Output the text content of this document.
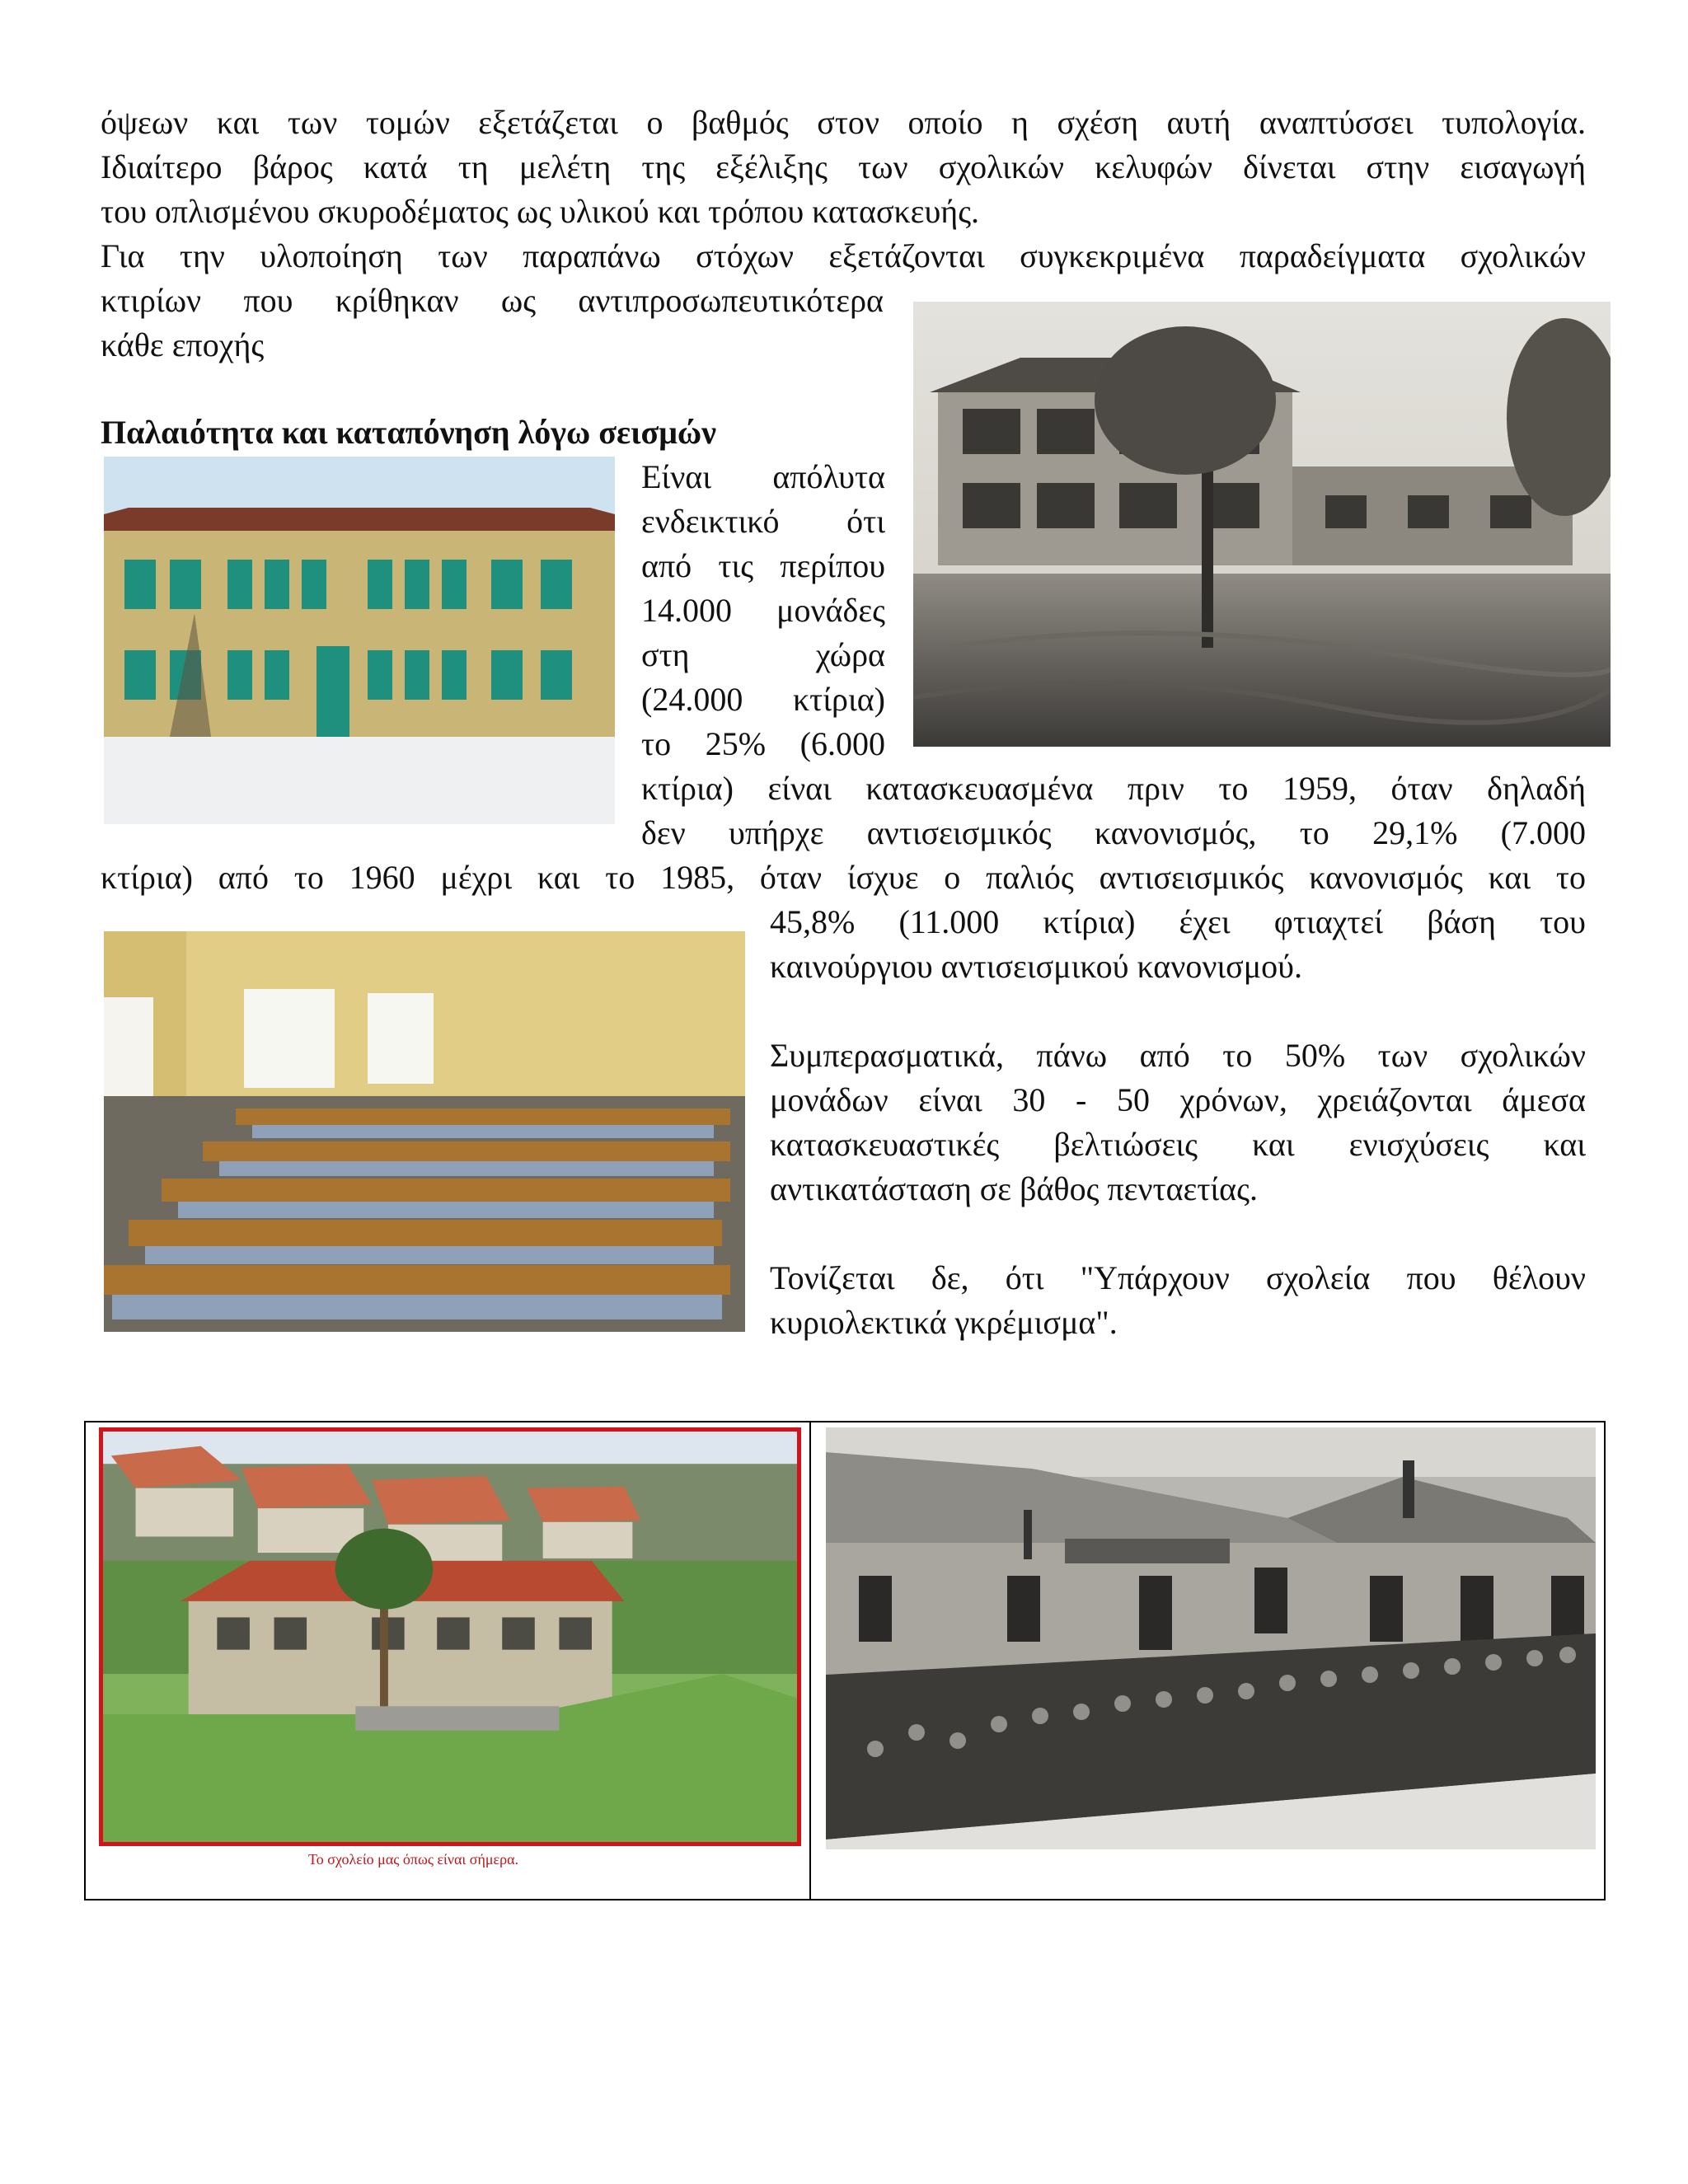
όψεων και των τομών εξετάζεται ο βαθμός στον οποίο η σχέση αυτή αναπτύσσει τυπολογία.
Ιδιαίτερο βάρος κατά τη μελέτη της εξέλιξης των σχολικών κελυφών δίνεται στην εισαγωγή
του οπλισμένου σκυροδέματος ως υλικού και τρόπου κατασκευής.
Για την υλοποίηση των παραπάνω στόχων εξετάζονται συγκεκριμένα παραδείγματα σχολικών
κτιρίων που κρίθηκαν ως αντιπροσωπευτικότερα
κάθε εποχής
Παλαιότητα και καταπόνηση λόγω σεισμών
Είναι απόλυτα
ενδεικτικό ότι
από τις περίπου
14.000 μονάδες
στη χώρα
(24.000 κτίρια)
το 25% (6.000
κτίρια) είναι κατασκευασμένα πριν το 1959, όταν δηλαδή
δεν υπήρχε αντισεισμικός κανονισμός, το 29,1% (7.000
κτίρια) από το 1960 μέχρι και το 1985, όταν ίσχυε ο παλιός αντισεισμικός κανονισμός και το
45,8% (11.000 κτίρια) έχει φτιαχτεί βάση του
καινούργιου αντισεισμικού κανονισμού.
Συμπερασματικά, πάνω από το 50% των σχολικών
μονάδων είναι 30 - 50 χρόνων, χρειάζονται άμεσα
κατασκευαστικές βελτιώσεις και ενισχύσεις και
αντικατάσταση σε βάθος πενταετίας.
Τονίζεται δε, ότι "Υπάρχουν σχολεία που θέλουν
κυριολεκτικά γκρέμισμα".
Το σχολείο μας όπως είναι σήμερα.
